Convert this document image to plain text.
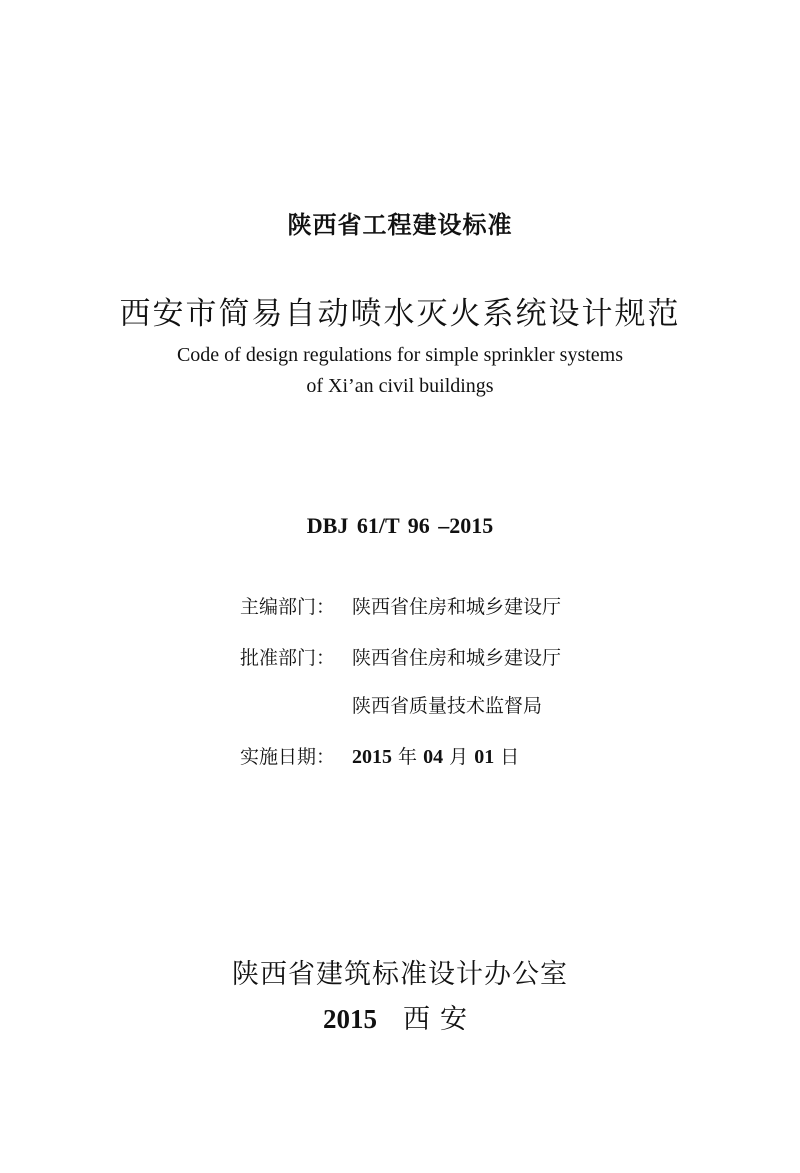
陕西省工程建设标准
西安市简易自动喷水灭火系统设计规范
Code of design regulations for simple sprinkler systems
of Xi’an civil buildings
DBJ 61/T 96 –2015
主编部门： 陕西省住房和城乡建设厅
批准部门： 陕西省住房和城乡建设厅
陕西省质量技术监督局
实施日期： 2015 年 04 月 01 日
陕西省建筑标准设计办公室
2015 西安
